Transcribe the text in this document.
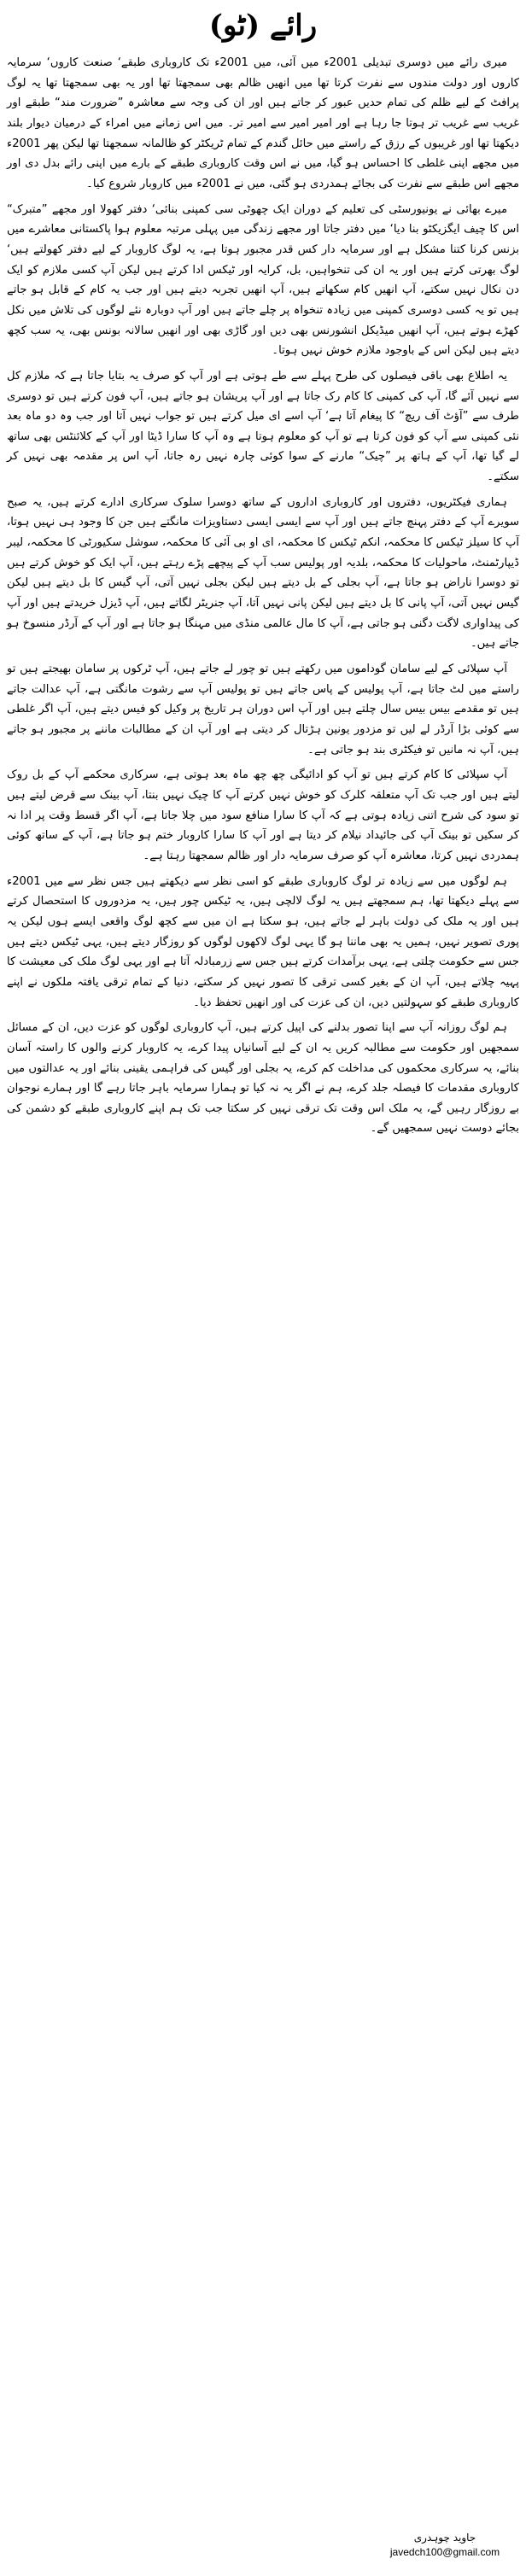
رائے (ٹو)

میری رائے میں دوسری تبدیلی 2001ء میں آئی، میں 2001ء تک کاروباری طبقے‘ صنعت کاروں‘ سرمایہ کاروں اور دولت مندوں سے نفرت کرتا تھا میں انھیں ظالم بھی سمجھتا تھا اور یہ بھی سمجھتا تھا یہ لوگ پرافٹ کے لیے ظلم کی تمام حدیں عبور کر جاتے ہیں اور ان کی وجہ سے معاشرہ ”ضرورت مند“ طبقے اور غریب سے غریب تر ہوتا جا رہا ہے اور امیر امیر سے امیر تر۔ میں اس زمانے میں امراء کے درمیان دیوار بلند دیکھتا تھا اور غریبوں کے رزق کے راستے میں حائل گندم کے تمام ٹریکٹر کو ظالمانہ سمجھتا تھا لیکن پھر 2001ء میں مجھے اپنی غلطی کا احساس ہو گیا، میں نے اس وقت کاروباری طبقے کے بارے میں اپنی رائے بدل دی اور مجھے اس طبقے سے نفرت کی بجائے ہمدردی ہو گئی، میں نے 2001ء میں کاروبار شروع کیا۔

میرے بھائی نے یونیورسٹی کی تعلیم کے دوران ایک چھوٹی سی کمپنی بنائی‘ دفتر کھولا اور مجھے ”متبرک“ اس کا چیف ایگزیکٹو بنا دیا‘ میں دفتر جاتا اور مجھے زندگی میں پہلی مرتبہ معلوم ہوا پاکستانی معاشرے میں بزنس کرنا کتنا مشکل ہے اور سرمایہ دار کس قدر مجبور ہوتا ہے، یہ لوگ کاروبار کے لیے دفتر کھولتے ہیں‘ لوگ بھرتی کرتے ہیں اور یہ ان کی تنخواہیں، بل، کرایہ اور ٹیکس ادا کرتے ہیں لیکن آپ کسی ملازم کو ایک دن نکال نہیں سکتے، آپ انھیں کام سکھاتے ہیں، آپ انھیں تجربہ دیتے ہیں اور جب یہ کام کے قابل ہو جاتے ہیں تو یہ کسی دوسری کمپنی میں زیادہ تنخواہ پر چلے جاتے ہیں اور آپ دوبارہ نئے لوگوں کی تلاش میں نکل کھڑے ہوتے ہیں، آپ انھیں میڈیکل انشورنس بھی دیں اور گاڑی بھی اور انھیں سالانہ بونس بھی، یہ سب کچھ دیتے ہیں لیکن اس کے باوجود ملازم خوش نہیں ہوتا۔

یہ اطلاع بھی باقی فیصلوں کی طرح پہلے سے طے ہوتی ہے اور آپ کو صرف یہ بتایا جاتا ہے کہ ملازم کل سے نہیں آئے گا، آپ کی کمپنی کا کام رک جاتا ہے اور آپ پریشان ہو جاتے ہیں، آپ فون کرتے ہیں تو دوسری طرف سے ”آؤٹ آف ریچ“ کا پیغام آتا ہے‘ آپ اسے ای میل کرتے ہیں تو جواب نہیں آتا اور جب وہ دو ماہ بعد نئی کمپنی سے آپ کو فون کرتا ہے تو آپ کو معلوم ہوتا ہے وہ آپ کا سارا ڈیٹا اور آپ کے کلائنٹس بھی ساتھ لے گیا تھا، آپ کے ہاتھ پر ”چیک“ مارنے کے سوا کوئی چارہ نہیں رہ جاتا، آپ اس پر مقدمہ بھی نہیں کر سکتے۔

ہماری فیکٹریوں، دفتروں اور کاروباری اداروں کے ساتھ دوسرا سلوک سرکاری ادارے کرتے ہیں، یہ صبح سویرے آپ کے دفتر پہنچ جاتے ہیں اور آپ سے ایسی ایسی دستاویزات مانگتے ہیں جن کا وجود ہی نہیں ہوتا، آپ کا سیلز ٹیکس کا محکمہ، انکم ٹیکس کا محکمہ، ای او بی آئی کا محکمہ، سوشل سکیورٹی کا محکمہ، لیبر ڈیپارٹمنٹ، ماحولیات کا محکمہ، بلدیہ اور پولیس سب آپ کے پیچھے پڑے رہتے ہیں، آپ ایک کو خوش کرتے ہیں تو دوسرا ناراض ہو جاتا ہے، آپ بجلی کے بل دیتے ہیں لیکن بجلی نہیں آتی، آپ گیس کا بل دیتے ہیں لیکن گیس نہیں آتی، آپ پانی کا بل دیتے ہیں لیکن پانی نہیں آتا، آپ جنریٹر لگاتے ہیں، آپ ڈیزل خریدتے ہیں اور آپ کی پیداواری لاگت دگنی ہو جاتی ہے، آپ کا مال عالمی منڈی میں مہنگا ہو جاتا ہے اور آپ کے آرڈر منسوخ ہو جاتے ہیں۔

آپ سپلائی کے لیے سامان گوداموں میں رکھتے ہیں تو چور لے جاتے ہیں، آپ ٹرکوں پر سامان بھیجتے ہیں تو راستے میں لٹ جاتا ہے، آپ پولیس کے پاس جاتے ہیں تو پولیس آپ سے رشوت مانگتی ہے، آپ عدالت جاتے ہیں تو مقدمے بیس بیس سال چلتے ہیں اور آپ اس دوران ہر تاریخ پر وکیل کو فیس دیتے ہیں، آپ اگر غلطی سے کوئی بڑا آرڈر لے لیں تو مزدور یونین ہڑتال کر دیتی ہے اور آپ ان کے مطالبات ماننے پر مجبور ہو جاتے ہیں، آپ نہ مانیں تو فیکٹری بند ہو جاتی ہے۔

آپ سپلائی کا کام کرتے ہیں تو آپ کو ادائیگی چھ چھ ماہ بعد ہوتی ہے، سرکاری محکمے آپ کے بل روک لیتے ہیں اور جب تک آپ متعلقہ کلرک کو خوش نہیں کرتے آپ کا چیک نہیں بنتا، آپ بینک سے قرض لیتے ہیں تو سود کی شرح اتنی زیادہ ہوتی ہے کہ آپ کا سارا منافع سود میں چلا جاتا ہے، آپ اگر قسط وقت پر ادا نہ کر سکیں تو بینک آپ کی جائیداد نیلام کر دیتا ہے اور آپ کا سارا کاروبار ختم ہو جاتا ہے، آپ کے ساتھ کوئی ہمدردی نہیں کرتا، معاشرہ آپ کو صرف سرمایہ دار اور ظالم سمجھتا رہتا ہے۔

ہم لوگوں میں سے زیادہ تر لوگ کاروباری طبقے کو اسی نظر سے دیکھتے ہیں جس نظر سے میں 2001ء سے پہلے دیکھتا تھا، ہم سمجھتے ہیں یہ لوگ لالچی ہیں، یہ ٹیکس چور ہیں، یہ مزدوروں کا استحصال کرتے ہیں اور یہ ملک کی دولت باہر لے جاتے ہیں، ہو سکتا ہے ان میں سے کچھ لوگ واقعی ایسے ہوں لیکن یہ پوری تصویر نہیں، ہمیں یہ بھی ماننا ہو گا یہی لوگ لاکھوں لوگوں کو روزگار دیتے ہیں، یہی ٹیکس دیتے ہیں جس سے حکومت چلتی ہے، یہی برآمدات کرتے ہیں جس سے زرمبادلہ آتا ہے اور یہی لوگ ملک کی معیشت کا پہیہ چلاتے ہیں، آپ ان کے بغیر کسی ترقی کا تصور نہیں کر سکتے، دنیا کے تمام ترقی یافتہ ملکوں نے اپنے کاروباری طبقے کو سہولتیں دیں، ان کی عزت کی اور انھیں تحفظ دیا۔

ہم لوگ روزانہ آپ سے اپنا تصور بدلنے کی اپیل کرتے ہیں، آپ کاروباری لوگوں کو عزت دیں، ان کے مسائل سمجھیں اور حکومت سے مطالبہ کریں یہ ان کے لیے آسانیاں پیدا کرے، یہ کاروبار کرنے والوں کا راستہ آسان بنائے، یہ سرکاری محکموں کی مداخلت کم کرے، یہ بجلی اور گیس کی فراہمی یقینی بنائے اور یہ عدالتوں میں کاروباری مقدمات کا فیصلہ جلد کرے، ہم نے اگر یہ نہ کیا تو ہمارا سرمایہ باہر جاتا رہے گا اور ہمارے نوجوان بے روزگار رہیں گے، یہ ملک اس وقت تک ترقی نہیں کر سکتا جب تک ہم اپنے کاروباری طبقے کو دشمن کی بجائے دوست نہیں سمجھیں گے۔

جاوید چوہدری
javedch100@gmail.com
